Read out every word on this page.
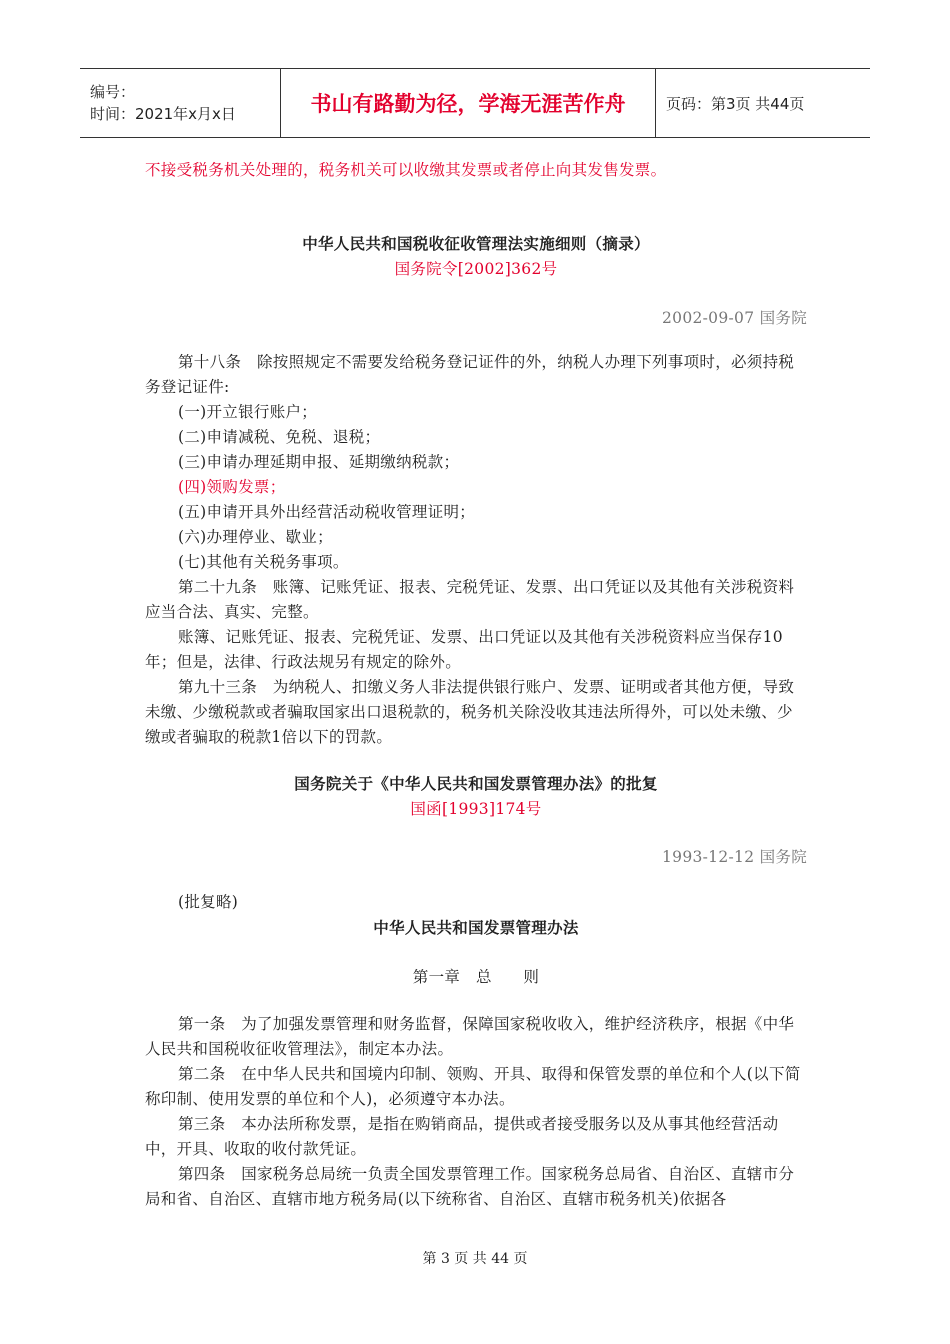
编号：
时间：2021年x月x日	书山有路勤为径，学海无涯苦作舟	页码：第3页 共44页

不接受税务机关处理的，税务机关可以收缴其发票或者停止向其发售发票。

中华人民共和国税收征收管理法实施细则（摘录）

国务院令[2002]362号

2002-09-07 国务院

第十八条　除按照规定不需要发给税务登记证件的外，纳税人办理下列事项时，必须持税务登记证件:

(一)开立银行账户；

(二)申请减税、免税、退税；

(三)申请办理延期申报、延期缴纳税款；

(四)领购发票；

(五)申请开具外出经营活动税收管理证明；

(六)办理停业、歇业；

(七)其他有关税务事项。

第二十九条　账簿、记账凭证、报表、完税凭证、发票、出口凭证以及其他有关涉税资料应当合法、真实、完整。

账簿、记账凭证、报表、完税凭证、发票、出口凭证以及其他有关涉税资料应当保存10年；但是，法律、行政法规另有规定的除外。

第九十三条　为纳税人、扣缴义务人非法提供银行账户、发票、证明或者其他方便，导致未缴、少缴税款或者骗取国家出口退税款的，税务机关除没收其违法所得外，可以处未缴、少缴或者骗取的税款1倍以下的罚款。

国务院关于《中华人民共和国发票管理办法》的批复

国函[1993]174号

1993-12-12 国务院

(批复略)

中华人民共和国发票管理办法

第一章　总　　则

第一条　为了加强发票管理和财务监督，保障国家税收收入，维护经济秩序，根据《中华人民共和国税收征收管理法》，制定本办法。

第二条　在中华人民共和国境内印制、领购、开具、取得和保管发票的单位和个人(以下简称印制、使用发票的单位和个人)，必须遵守本办法。

第三条　本办法所称发票，是指在购销商品，提供或者接受服务以及从事其他经营活动中，开具、收取的收付款凭证。

第四条　国家税务总局统一负责全国发票管理工作。国家税务总局省、自治区、直辖市分局和省、自治区、直辖市地方税务局(以下统称省、自治区、直辖市税务机关)依据各

第 3 页 共 44 页
